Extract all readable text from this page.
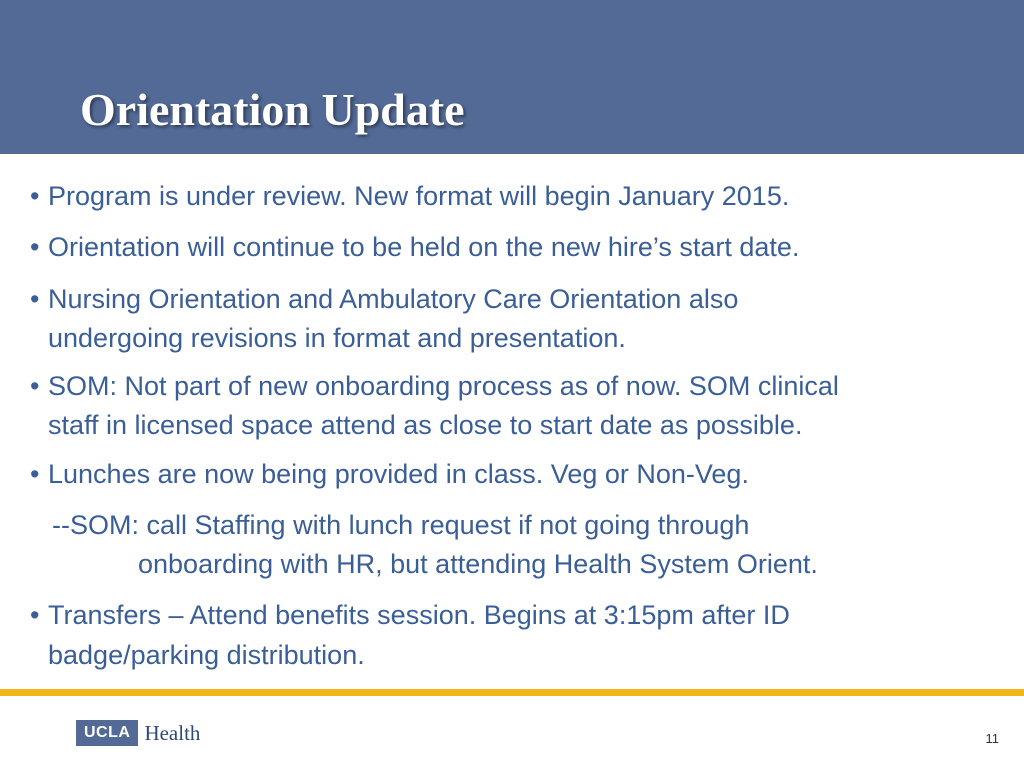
Orientation Update
• Program is under review. New format will begin January 2015.
• Orientation will continue to be held on the new hire’s start date.
• Nursing Orientation and Ambulatory Care Orientation also
undergoing revisions in format and presentation.
• SOM: Not part of new onboarding process as of now. SOM clinical
staff in licensed space attend as close to start date as possible.
• Lunches are now being provided in class. Veg or Non-Veg.
--SOM: call Staffing with lunch request if not going through
onboarding with HR, but attending Health System Orient.
• Transfers – Attend benefits session. Begins at 3:15pm after ID
badge/parking distribution.
UCLA Health	11
